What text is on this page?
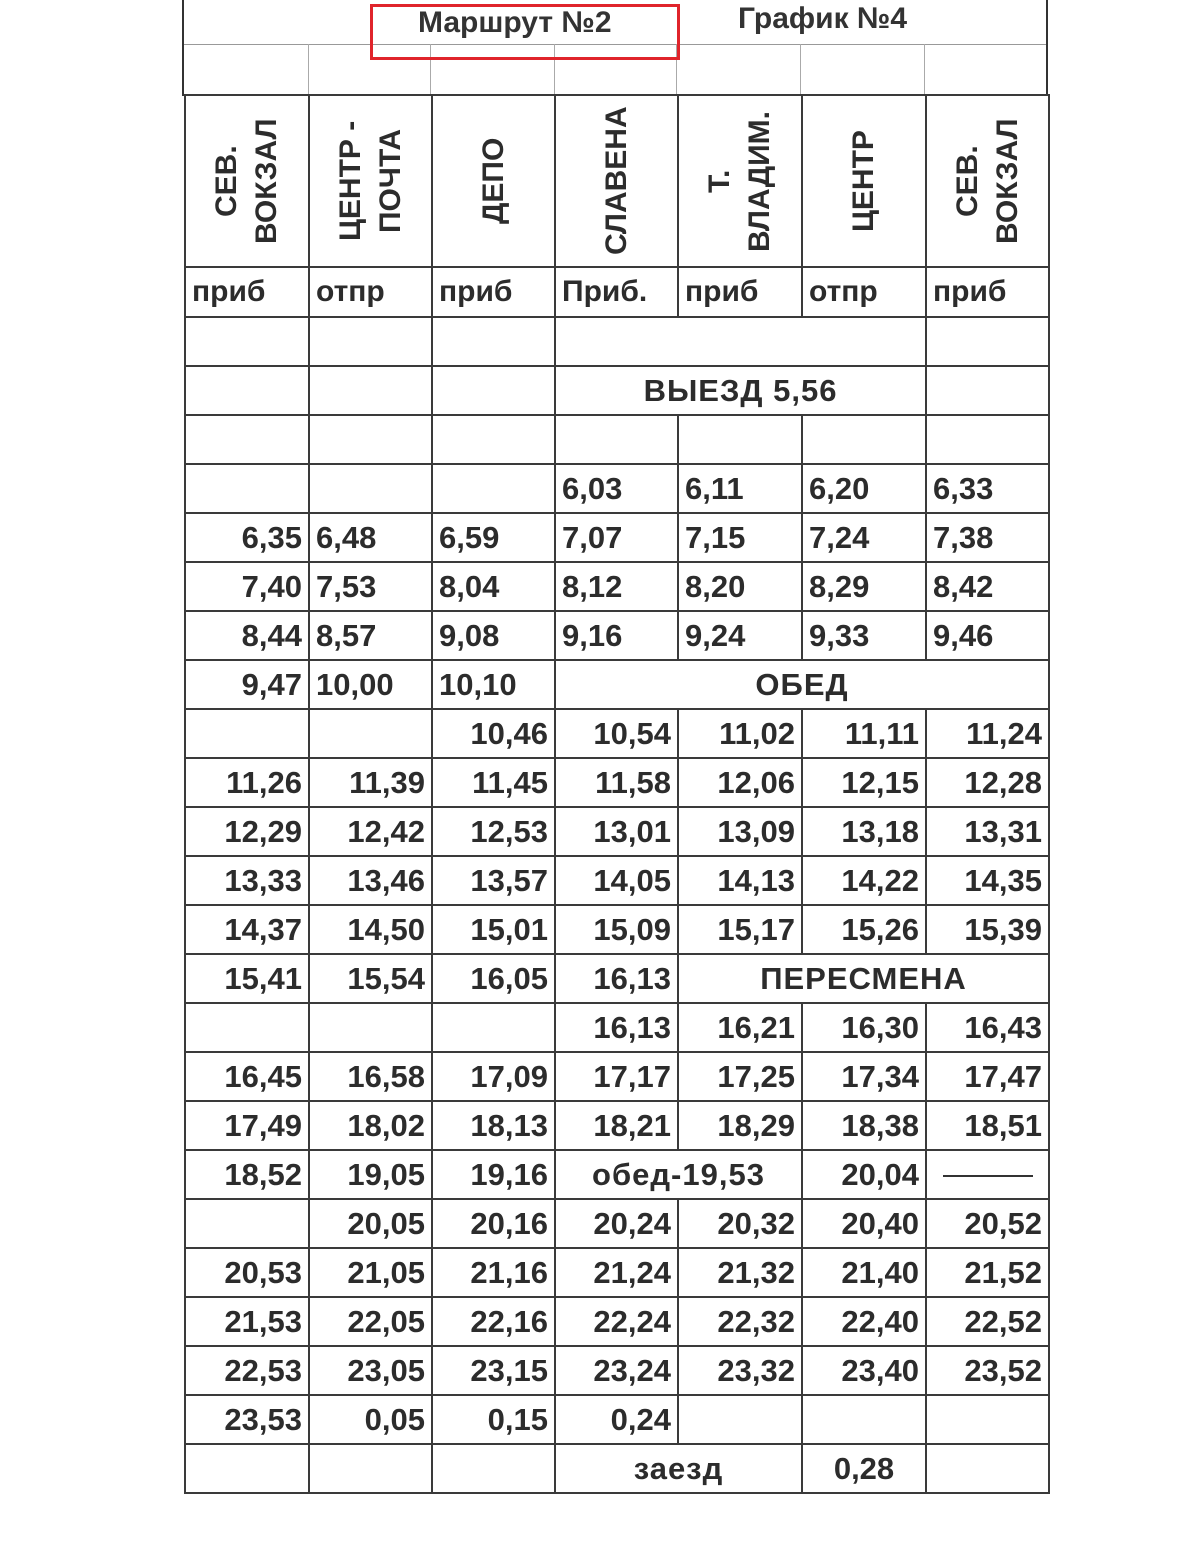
Маршрут №2	График №4
СЕВ. ВОКЗАЛ	ЦЕНТР - ПОЧТА	ДЕПО	СЛАВЕНА	Т. ВЛАДИМ.	ЦЕНТР	СЕВ. ВОКЗАЛ

приб	отпр	приб	Приб.	приб	отпр	приб

			ВЫЕЗД 5,56			

			6,03	6,11	6,20	6,33
6,35	6,48	6,59	7,07	7,15	7,24	7,38
7,40	7,53	8,04	8,12	8,20	8,29	8,42
8,44	8,57	9,08	9,16	9,24	9,33	9,46
9,47	10,00	10,10	ОБЕД			
		10,46	10,54	11,02	11,11	11,24
11,26	11,39	11,45	11,58	12,06	12,15	12,28
12,29	12,42	12,53	13,01	13,09	13,18	13,31
13,33	13,46	13,57	14,05	14,13	14,22	14,35
14,37	14,50	15,01	15,09	15,17	15,26	15,39
15,41	15,54	16,05	16,13	ПЕРЕСМЕНА		
			16,13	16,21	16,30	16,43
16,45	16,58	17,09	17,17	17,25	17,34	17,47
17,49	18,02	18,13	18,21	18,29	18,38	18,51
18,52	19,05	19,16	обед-19,53		20,04	
	20,05	20,16	20,24	20,32	20,40	20,52
20,53	21,05	21,16	21,24	21,32	21,40	21,52
21,53	22,05	22,16	22,24	22,32	22,40	22,52
22,53	23,05	23,15	23,24	23,32	23,40	23,52
23,53	0,05	0,15	0,24			
			заезд		0,28	
